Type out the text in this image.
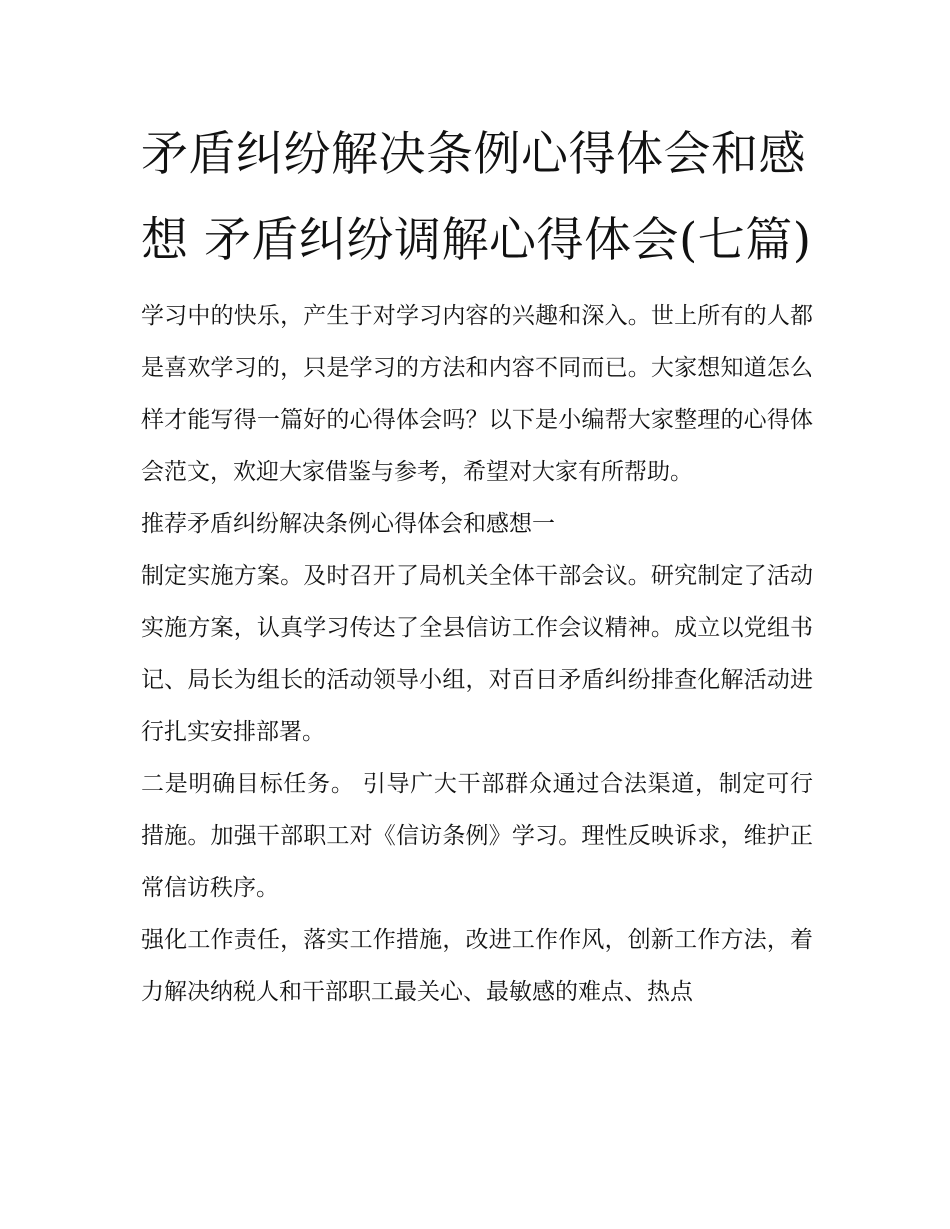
矛盾纠纷解决条例心得体会和感想 矛盾纠纷调解心得体会(七篇)

学习中的快乐，产生于对学习内容的兴趣和深入。世上所有的人都是喜欢学习的，只是学习的方法和内容不同而已。大家想知道怎么样才能写得一篇好的心得体会吗？以下是小编帮大家整理的心得体会范文，欢迎大家借鉴与参考，希望对大家有所帮助。

推荐矛盾纠纷解决条例心得体会和感想一

制定实施方案。及时召开了局机关全体干部会议。研究制定了活动实施方案，认真学习传达了全县信访工作会议精神。成立以党组书记、局长为组长的活动领导小组，对百日矛盾纠纷排查化解活动进行扎实安排部署。

二是明确目标任务。 引导广大干部群众通过合法渠道，制定可行措施。加强干部职工对《信访条例》学习。理性反映诉求，维护正常信访秩序。

强化工作责任，落实工作措施，改进工作作风，创新工作方法，着力解决纳税人和干部职工最关心、最敏感的难点、热点
